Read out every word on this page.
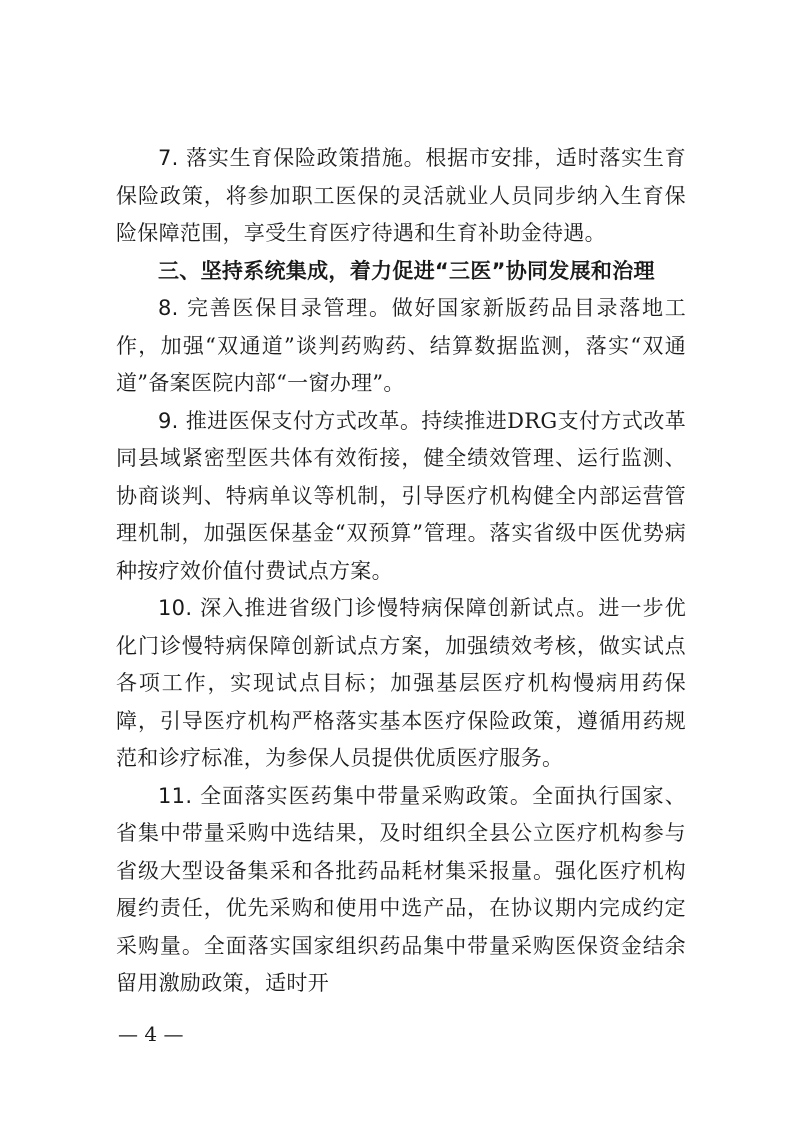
7. 落实生育保险政策措施。根据市安排，适时落实生育保险政策，将参加职工医保的灵活就业人员同步纳入生育保险保障范围，享受生育医疗待遇和生育补助金待遇。

三、坚持系统集成，着力促进“三医”协同发展和治理

8. 完善医保目录管理。做好国家新版药品目录落地工作，加强“双通道”谈判药购药、结算数据监测，落实“双通道”备案医院内部“一窗办理”。

9. 推进医保支付方式改革。持续推进DRG支付方式改革同县域紧密型医共体有效衔接，健全绩效管理、运行监测、协商谈判、特病单议等机制，引导医疗机构健全内部运营管理机制，加强医保基金“双预算”管理。落实省级中医优势病种按疗效价值付费试点方案。

10. 深入推进省级门诊慢特病保障创新试点。进一步优化门诊慢特病保障创新试点方案，加强绩效考核，做实试点各项工作，实现试点目标；加强基层医疗机构慢病用药保障，引导医疗机构严格落实基本医疗保险政策，遵循用药规范和诊疗标准，为参保人员提供优质医疗服务。

11. 全面落实医药集中带量采购政策。全面执行国家、省集中带量采购中选结果，及时组织全县公立医疗机构参与省级大型设备集采和各批药品耗材集采报量。强化医疗机构履约责任，优先采购和使用中选产品，在协议期内完成约定采购量。全面落实国家组织药品集中带量采购医保资金结余留用激励政策，适时开

— 4 —
